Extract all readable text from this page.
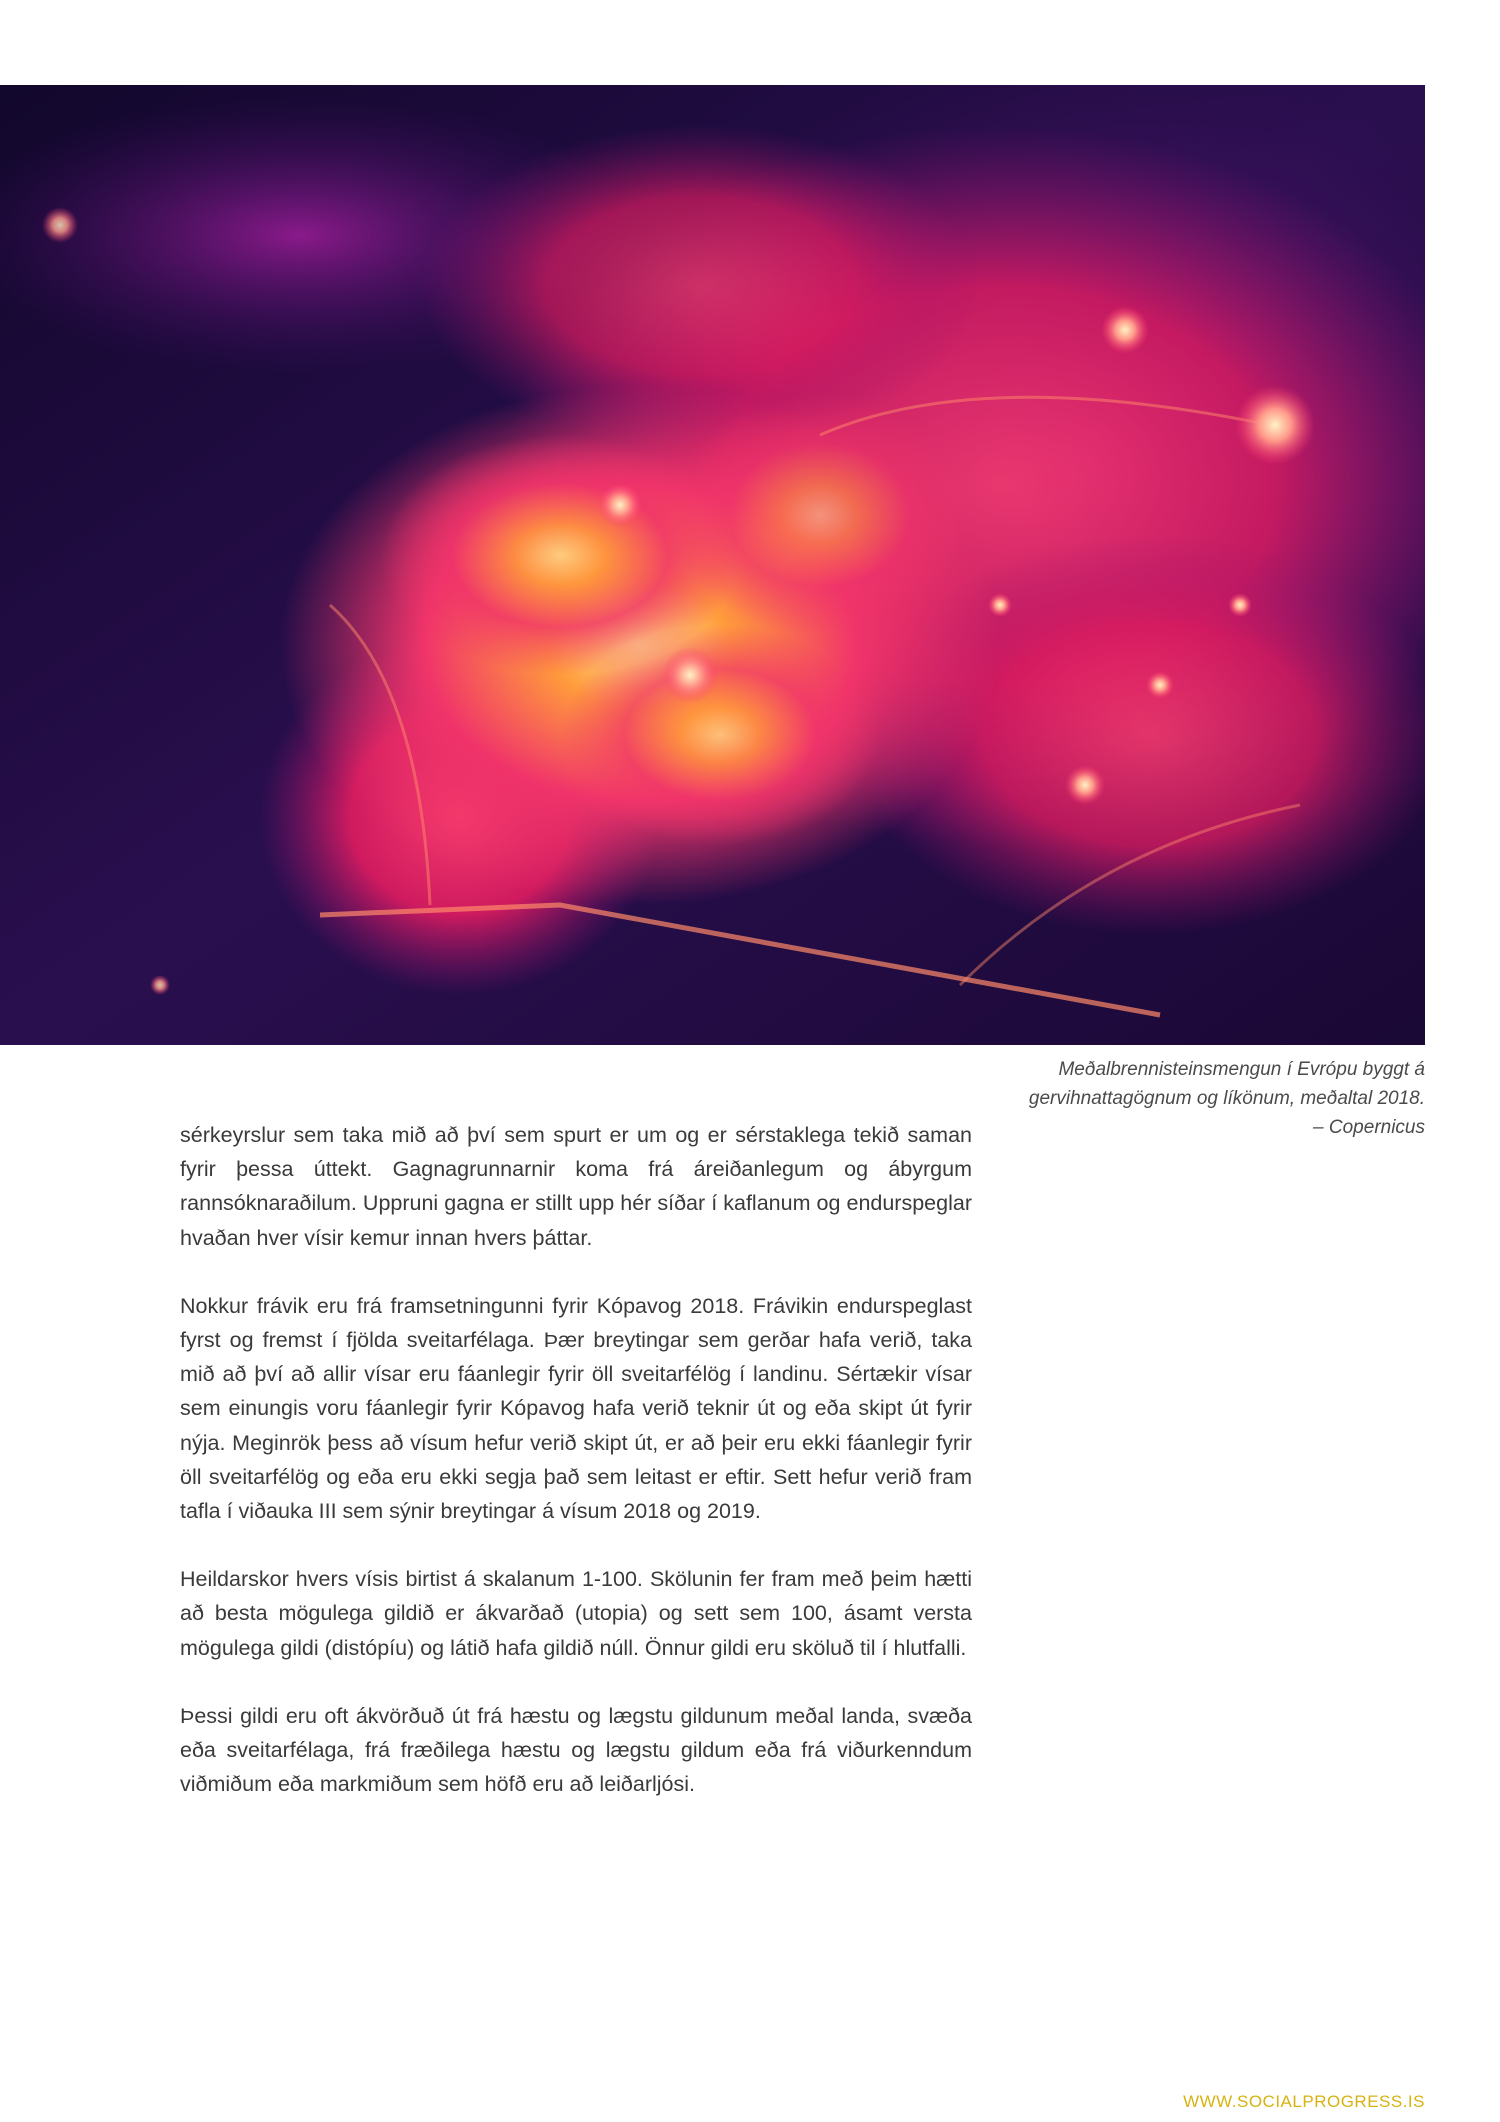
Meðalbrennisteinsmengun í Evrópu byggt á
gervihnattagögnum og líkönum, meðaltal 2018.
– Copernicus

sérkeyrslur sem taka mið að því sem spurt er um og er sérstaklega tekið saman fyrir þessa úttekt. Gagnagrunnarnir koma frá áreiðanlegum og ábyrgum rannsóknaraðilum. Uppruni gagna er stillt upp hér síðar í kaflanum og endurspeglar hvaðan hver vísir kemur innan hvers þáttar.

Nokkur frávik eru frá framsetningunni fyrir Kópavog 2018. Frávikin endurspeglast fyrst og fremst í fjölda sveitarfélaga. Þær breytingar sem gerðar hafa verið, taka mið að því að allir vísar eru fáanlegir fyrir öll sveitarfélög í landinu. Sértækir vísar sem einungis voru fáanlegir fyrir Kópavog hafa verið teknir út og eða skipt út fyrir nýja. Meginrök þess að vísum hefur verið skipt út, er að þeir eru ekki fáanlegir fyrir öll sveitarfélög og eða eru ekki segja það sem leitast er eftir. Sett hefur verið fram tafla í viðauka III sem sýnir breytingar á vísum 2018 og 2019.

Heildarskor hvers vísis birtist á skalanum 1-100. Skölunin fer fram með þeim hætti að besta mögulega gildið er ákvarðað (utopia) og sett sem 100, ásamt versta mögulega gildi (distópíu) og látið hafa gildið núll. Önnur gildi eru sköluð til í hlutfalli.

Þessi gildi eru oft ákvörðuð út frá hæstu og lægstu gildunum meðal landa, svæða eða sveitarfélaga, frá fræðilega hæstu og lægstu gildum eða frá viðurkenndum viðmiðum eða markmiðum sem höfð eru að leiðarljósi.

WWW.SOCIALPROGRESS.IS
